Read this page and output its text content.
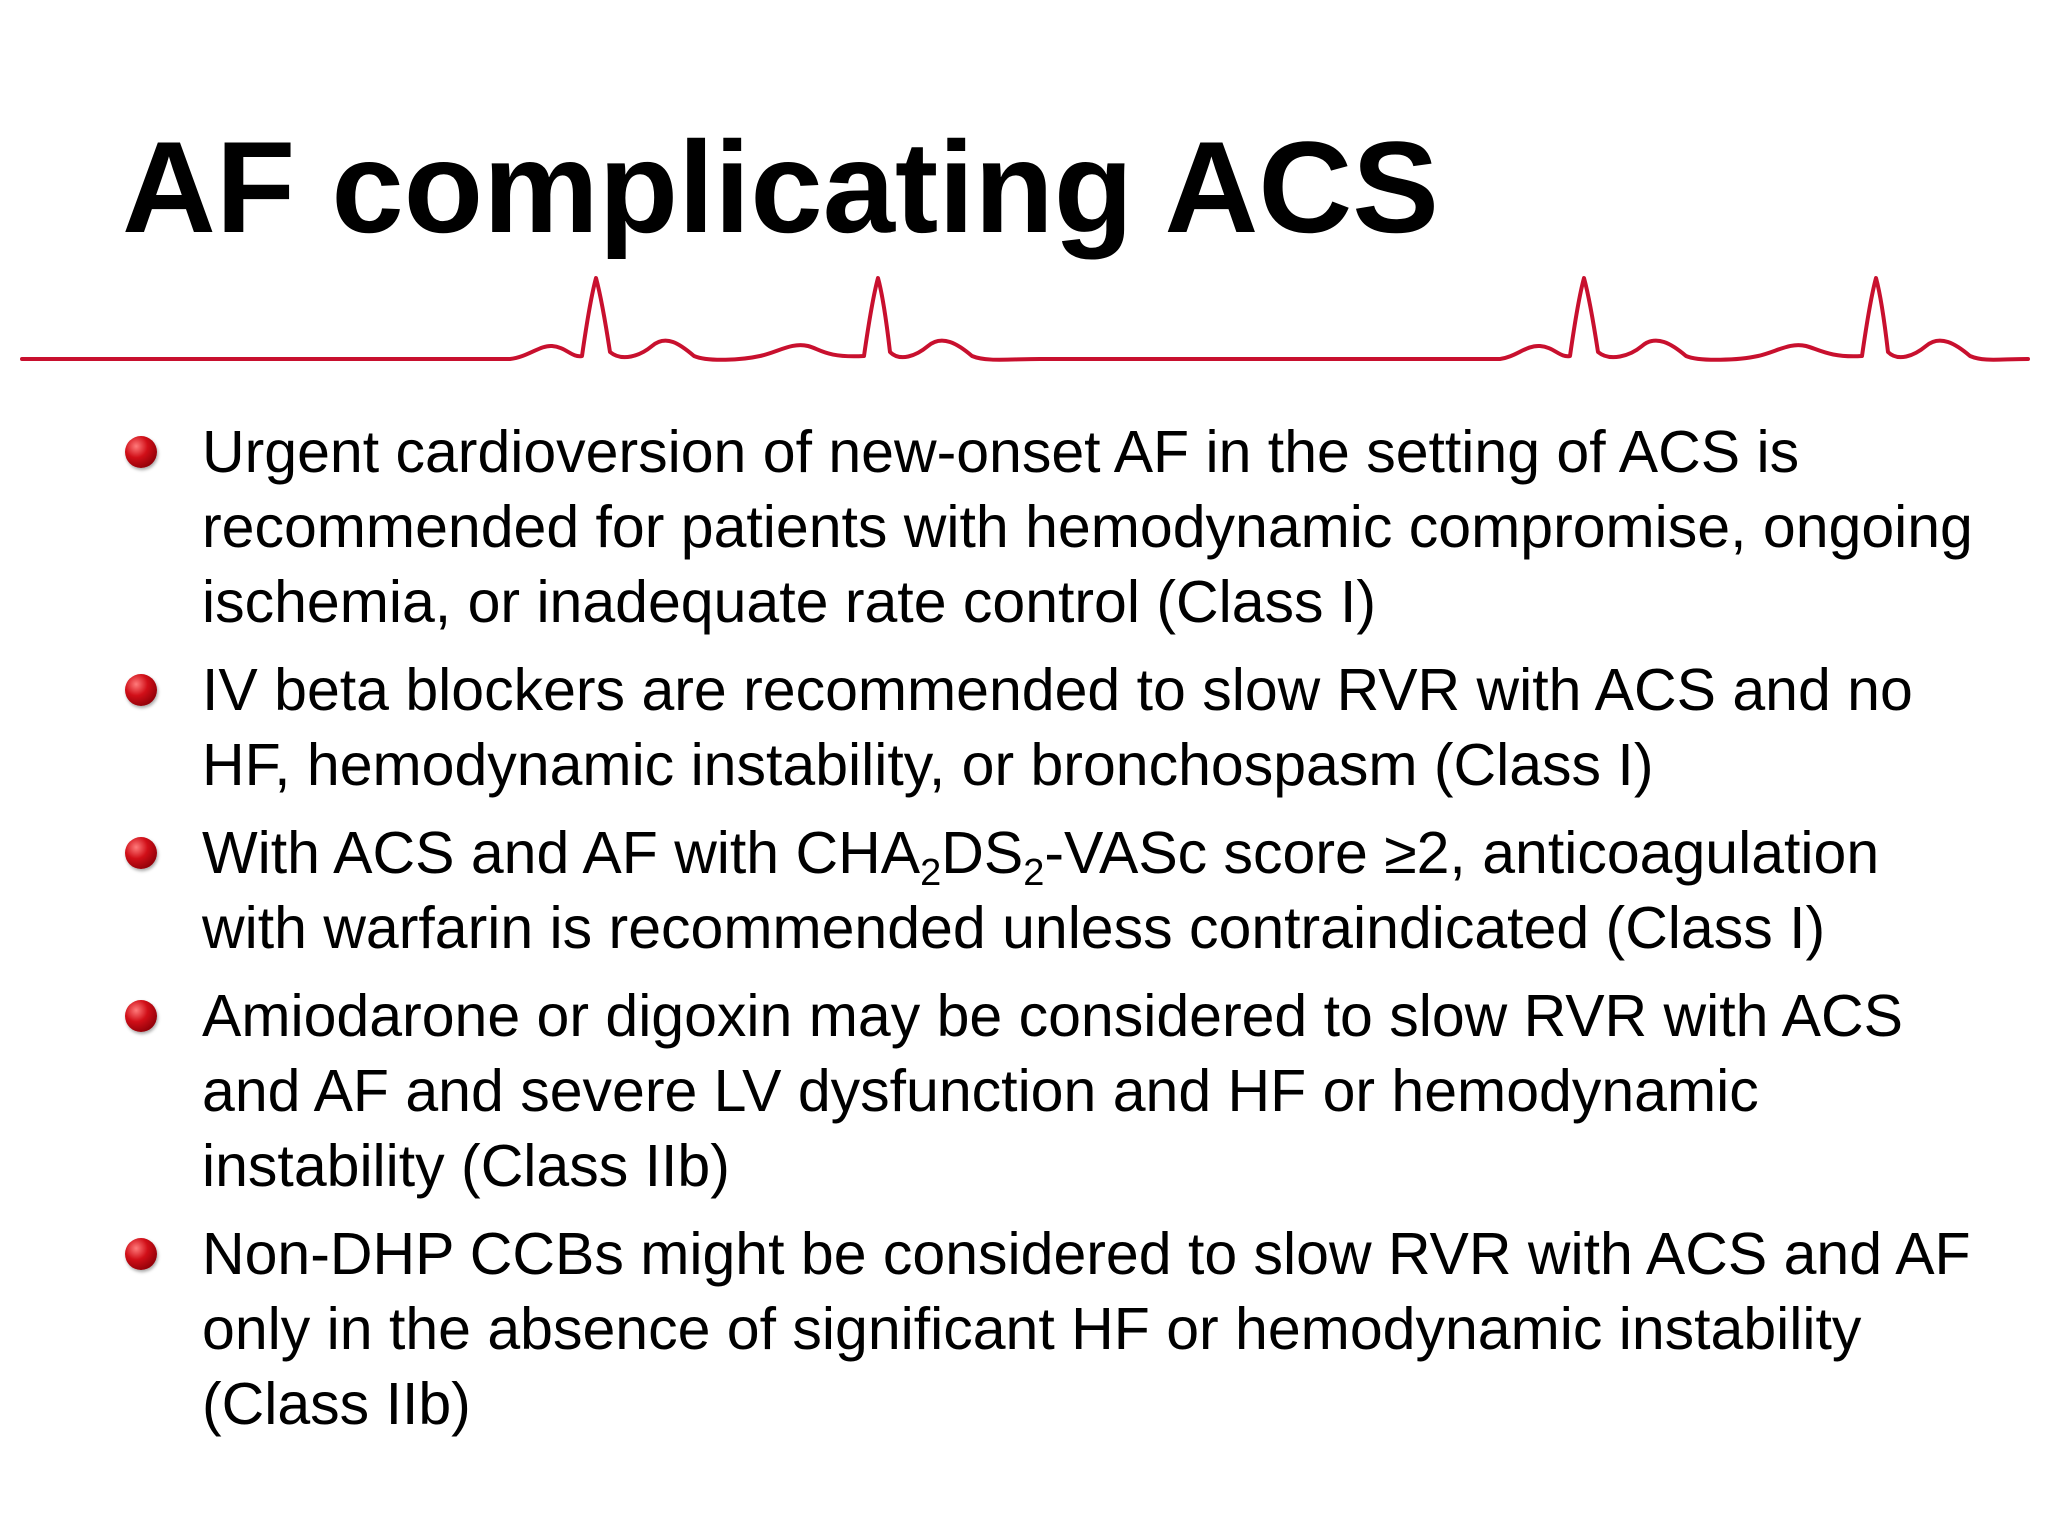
AF complicating ACS
Urgent cardioversion of new-onset AF in the setting of ACS is recommended for patients with hemodynamic compromise, ongoing ischemia, or inadequate rate control (Class I)
IV beta blockers are recommended to slow RVR with ACS and no HF, hemodynamic instability, or bronchospasm (Class I)
With ACS and AF with $CHA_2DS_2$-VASc score ≥2, anticoagulation with warfarin is recommended unless contraindicated (Class I)
Amiodarone or digoxin may be considered to slow RVR with ACS and AF and severe LV dysfunction and HF or hemodynamic instability (Class IIb)
Non-DHP CCBs might be considered to slow RVR with ACS and AF only in the absence of significant HF or hemodynamic instability (Class IIb)
